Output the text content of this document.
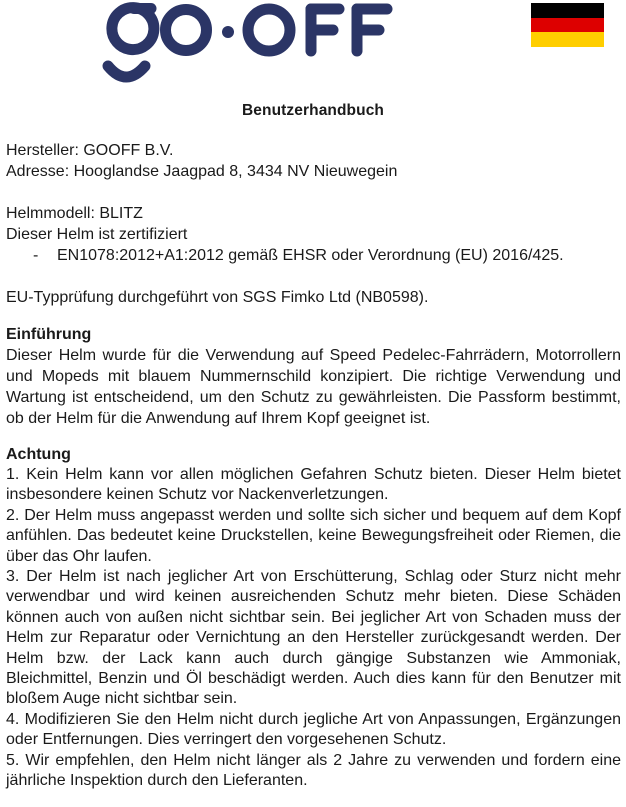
Benutzerhandbuch
Hersteller: GOOFF B.V.
Adresse: Hooglandse Jaagpad 8, 3434 NV Nieuwegein
Helmmodell: BLITZ
Dieser Helm ist zertifiziert
-	EN1078:2012+A1:2012 gemäß EHSR oder Verordnung (EU) 2016/425.
EU-Typprüfung durchgeführt von SGS Fimko Ltd (NB0598).
Einführung

Dieser Helm wurde für die Verwendung auf Speed Pedelec-Fahrrädern, Motorrollern und Mopeds mit blauem Nummernschild konzipiert. Die richtige Verwendung und Wartung ist entscheidend, um den Schutz zu gewährleisten. Die Passform bestimmt, ob der Helm für die Anwendung auf Ihrem Kopf geeignet ist.

Achtung
1. Kein Helm kann vor allen möglichen Gefahren Schutz bieten. Dieser Helm bietet insbesondere keinen Schutz vor Nackenverletzungen.
2. Der Helm muss angepasst werden und sollte sich sicher und bequem auf dem Kopf anfühlen. Das bedeutet keine Druckstellen, keine Bewegungsfreiheit oder Riemen, die über das Ohr laufen.
3. Der Helm ist nach jeglicher Art von Erschütterung, Schlag oder Sturz nicht mehr verwendbar und wird keinen ausreichenden Schutz mehr bieten. Diese Schäden können auch von außen nicht sichtbar sein. Bei jeglicher Art von Schaden muss der Helm zur Reparatur oder Vernichtung an den Hersteller zurückgesandt werden. Der Helm bzw. der Lack kann auch durch gängige Substanzen wie Ammoniak, Bleichmittel, Benzin und Öl beschädigt werden. Auch dies kann für den Benutzer mit bloßem Auge nicht sichtbar sein.
4. Modifizieren Sie den Helm nicht durch jegliche Art von Anpassungen, Ergänzungen oder Entfernungen. Dies verringert den vorgesehenen Schutz.
5. Wir empfehlen, den Helm nicht länger als 2 Jahre zu verwenden und fordern eine jährliche Inspektion durch den Lieferanten.
